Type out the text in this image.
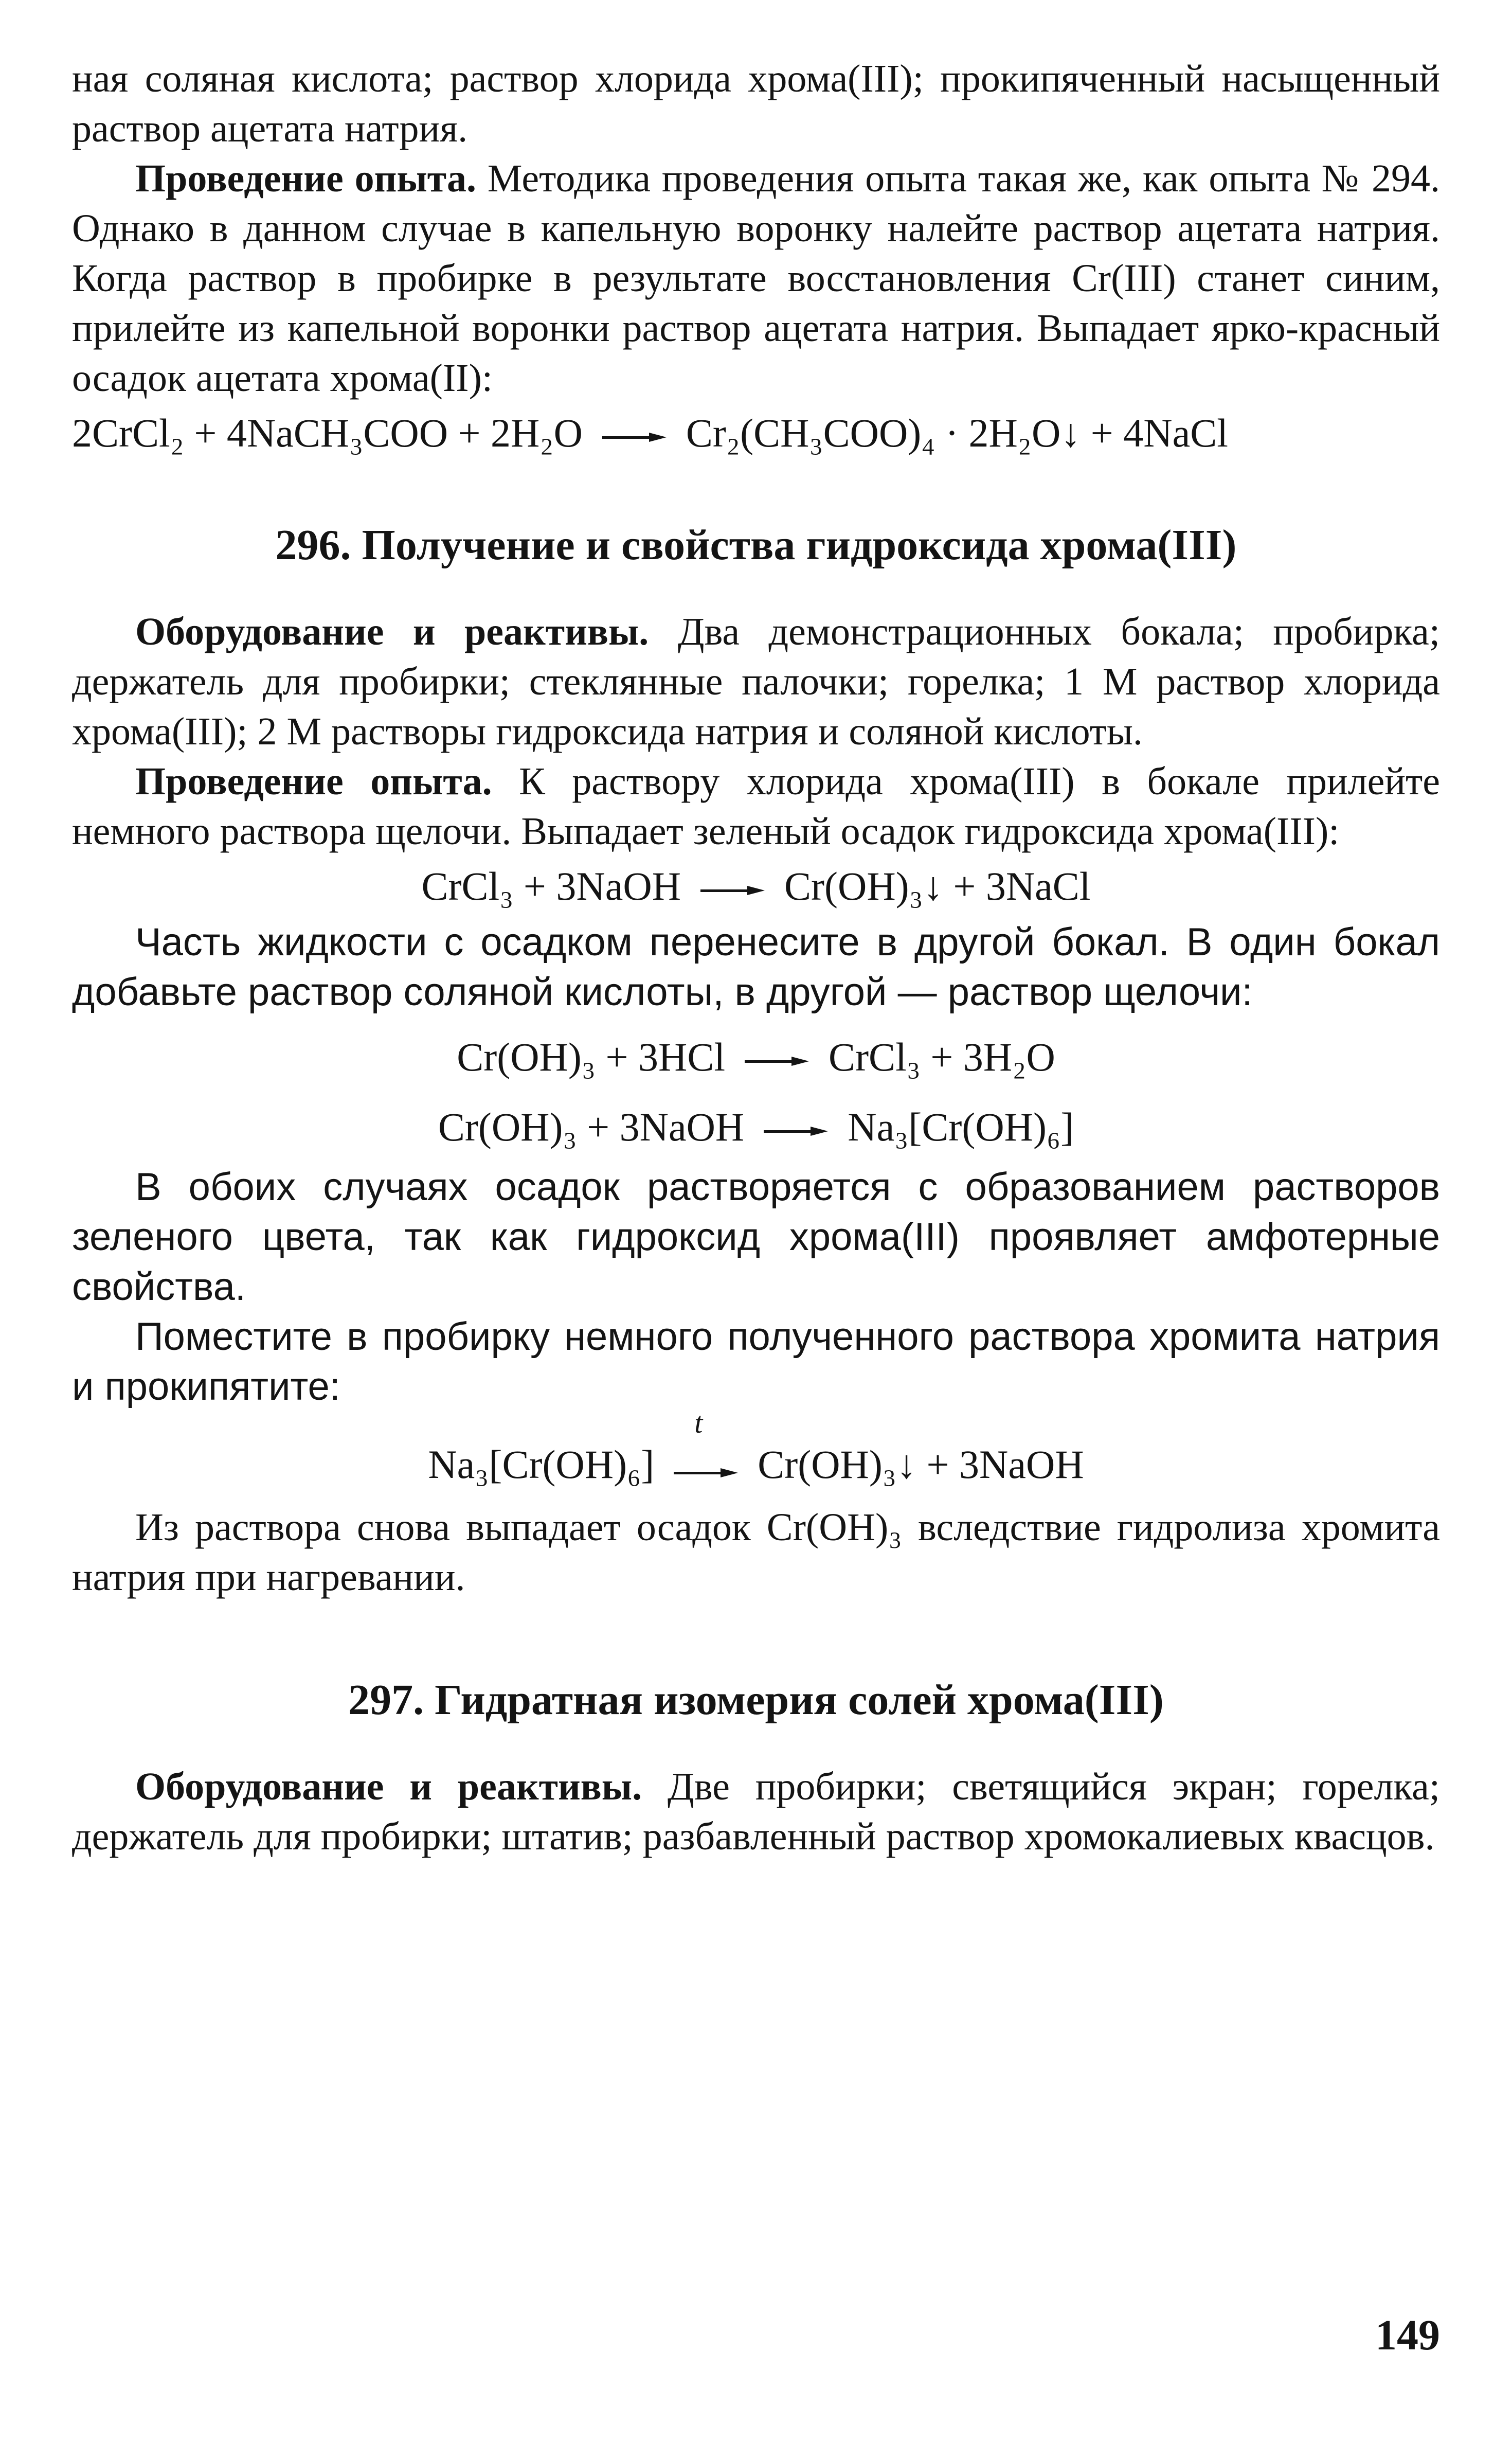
ная соляная кислота; раствор хлорида хрома(III); прокипяченный насыщенный раствор ацетата натрия.

Проведение опыта. Методика проведения опыта такая же, как опыта № 294. Однако в данном случае в капельную воронку налейте раствор ацетата натрия. Когда раствор в пробирке в результате восстановления Cr(III) станет синим, прилейте из капельной воронки раствор ацетата натрия. Выпадает ярко-красный осадок ацетата хрома(II):

2CrCl₂ + 4NaCH₃COO + 2H₂O	Cr₂(CH₃COO)₄ · 2H₂O↓ + 4NaCl

296. Получение и свойства гидроксида хрома(III)

Оборудование и реактивы. Два демонстрационных бокала; пробирка; держатель для пробирки; стеклянные палочки; горелка; 1 М раствор хлорида хрома(III); 2 М растворы гидроксида натрия и соляной кислоты.

Проведение опыта. К раствору хлорида хрома(III) в бокале прилейте немного раствора щелочи. Выпадает зеленый осадок гидроксида хрома(III):

CrCl₃ + 3NaOH	Cr(OH)₃↓ + 3NaCl

Часть жидкости с осадком перенесите в другой бокал. В один бокал добавьте раствор соляной кислоты, в другой — раствор щелочи:

Cr(OH)₃ + 3HCl	CrCl₃ + 3H₂O

Cr(OH)₃ + 3NaOH	Na₃[Cr(OH)₆]

В обоих случаях осадок растворяется с образованием растворов зеленого цвета, так как гидроксид хрома(III) проявляет амфотерные свойства.

Поместите в пробирку немного полученного раствора хромита натрия и прокипятите:

Na₃[Cr(OH)₆]
t
Cr(OH)₃↓ + 3NaOH

Из раствора снова выпадает осадок Cr(OH)₃ вследствие гидролиза хромита натрия при нагревании.

297. Гидратная изомерия солей хрома(III)

Оборудование и реактивы. Две пробирки; светящийся экран; горелка; держатель для пробирки; штатив; разбавленный раствор хромокалиевых квасцов.

149
